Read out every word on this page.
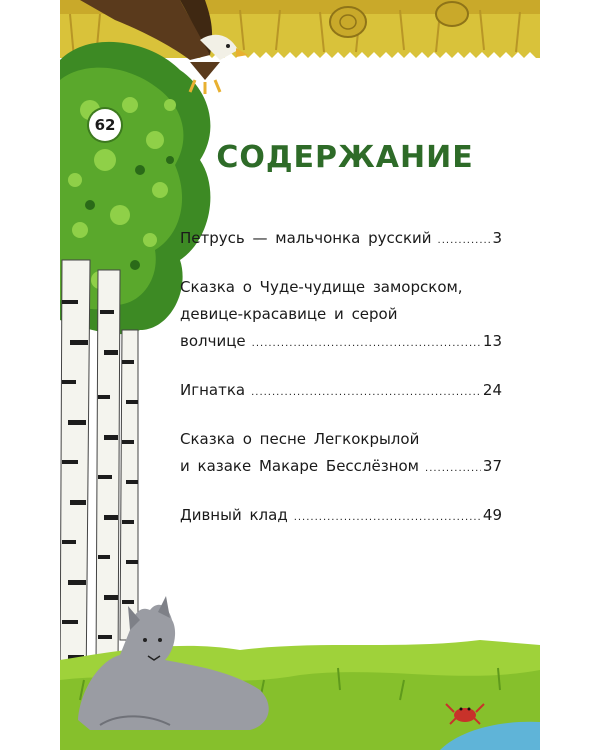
62
СОДЕРЖАНИЕ
Петрусь — мальчонка русский .....	3
Сказка о Чуде-чудище заморском,
девице-красавице и серой
волчице .....	13
Игнатка .....	24
Сказка о песне Легкокрылой
и казаке Макаре Бесслёзном .....	37
Дивный клад .....	49
